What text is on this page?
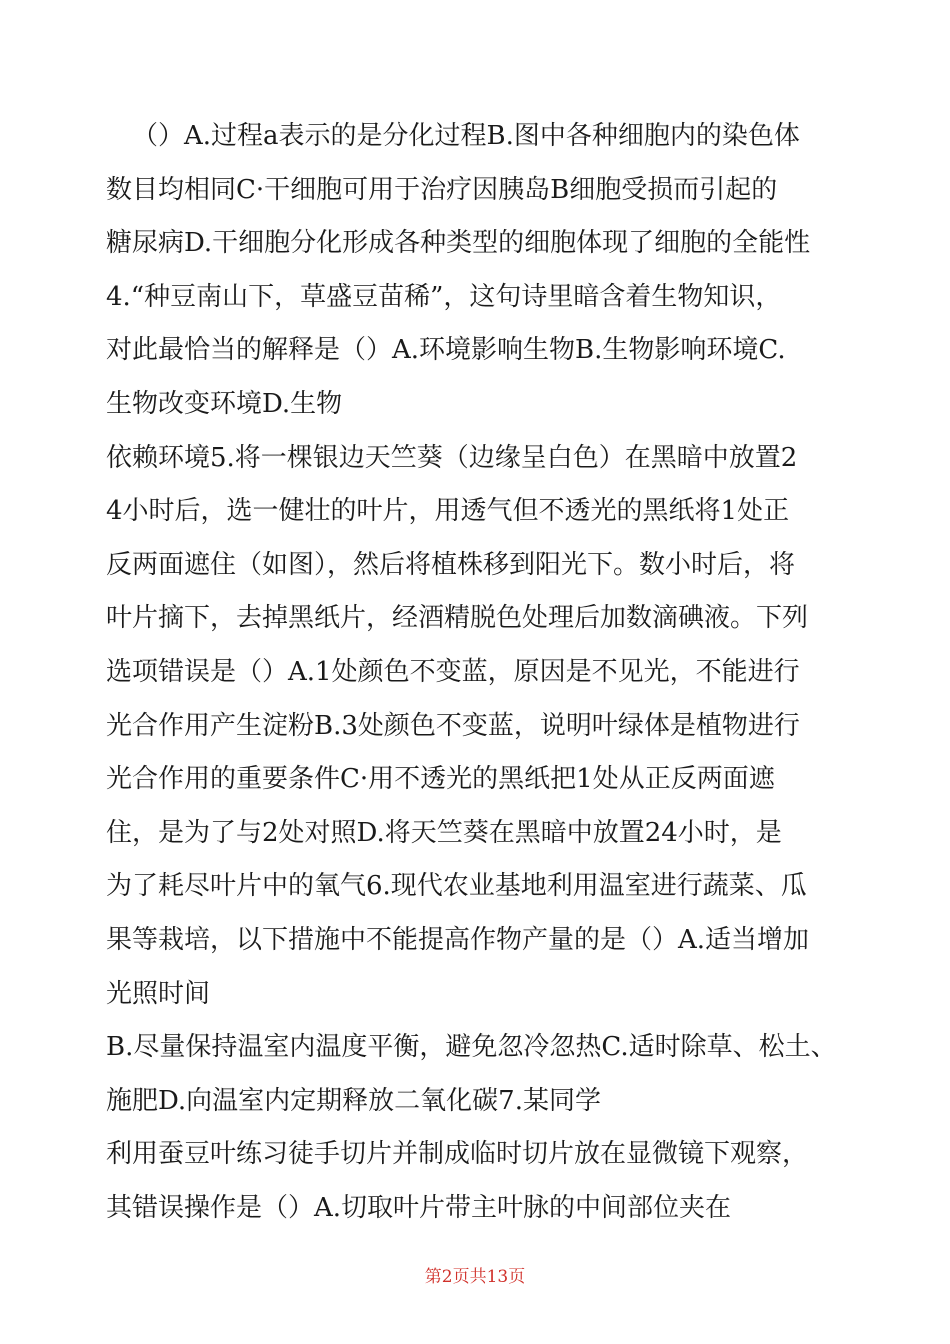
（）A.过程a表示的是分化过程B.图中各种细胞内的染色体
数目均相同C·干细胞可用于治疗因胰岛B细胞受损而引起的
糖尿病D.干细胞分化形成各种类型的细胞体现了细胞的全能性
4.“种豆南山下，草盛豆苗稀”，这句诗里暗含着生物知识，
对此最恰当的解释是（）A.环境影响生物B.生物影响环境C.
生物改变环境D.生物
依赖环境5.将一棵银边天竺葵（边缘呈白色）在黑暗中放置2
4小时后，选一健壮的叶片，用透气但不透光的黑纸将1处正
反两面遮住（如图），然后将植株移到阳光下。数小时后，将
叶片摘下，去掉黑纸片，经酒精脱色处理后加数滴碘液。下列
选项错误是（）A.1处颜色不变蓝，原因是不见光，不能进行
光合作用产生淀粉B.3处颜色不变蓝，说明叶绿体是植物进行
光合作用的重要条件C·用不透光的黑纸把1处从正反两面遮
住，是为了与2处对照D.将天竺葵在黑暗中放置24小时，是
为了耗尽叶片中的氧气6.现代农业基地利用温室进行蔬菜、瓜
果等栽培，以下措施中不能提高作物产量的是（）A.适当增加
光照时间
B.尽量保持温室内温度平衡，避免忽冷忽热C.适时除草、松土、
施肥D.向温室内定期释放二氧化碳7.某同学
利用蚕豆叶练习徒手切片并制成临时切片放在显微镜下观察，
其错误操作是（）A.切取叶片带主叶脉的中间部位夹在
第2页共13页
